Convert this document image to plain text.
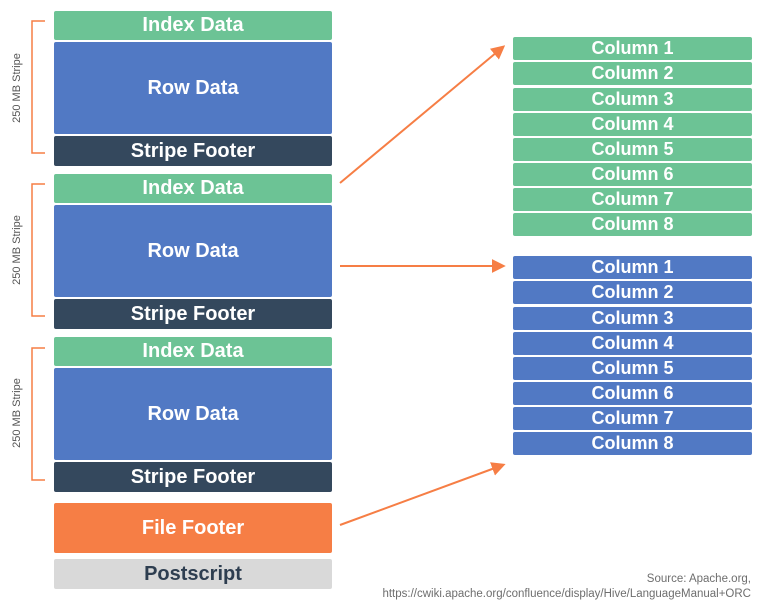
Index Data
Row Data
Stripe Footer
Index Data
Row Data
Stripe Footer
Index Data
Row Data
Stripe Footer
File Footer
Postscript
250 MB Stripe
250 MB Stripe
250 MB Stripe
Column 1
Column 2
Column 3
Column 4
Column 5
Column 6
Column 7
Column 8
Column 1
Column 2
Column 3
Column 4
Column 5
Column 6
Column 7
Column 8
Source: Apache.org,
https://cwiki.apache.org/confluence/display/Hive/LanguageManual+ORC
